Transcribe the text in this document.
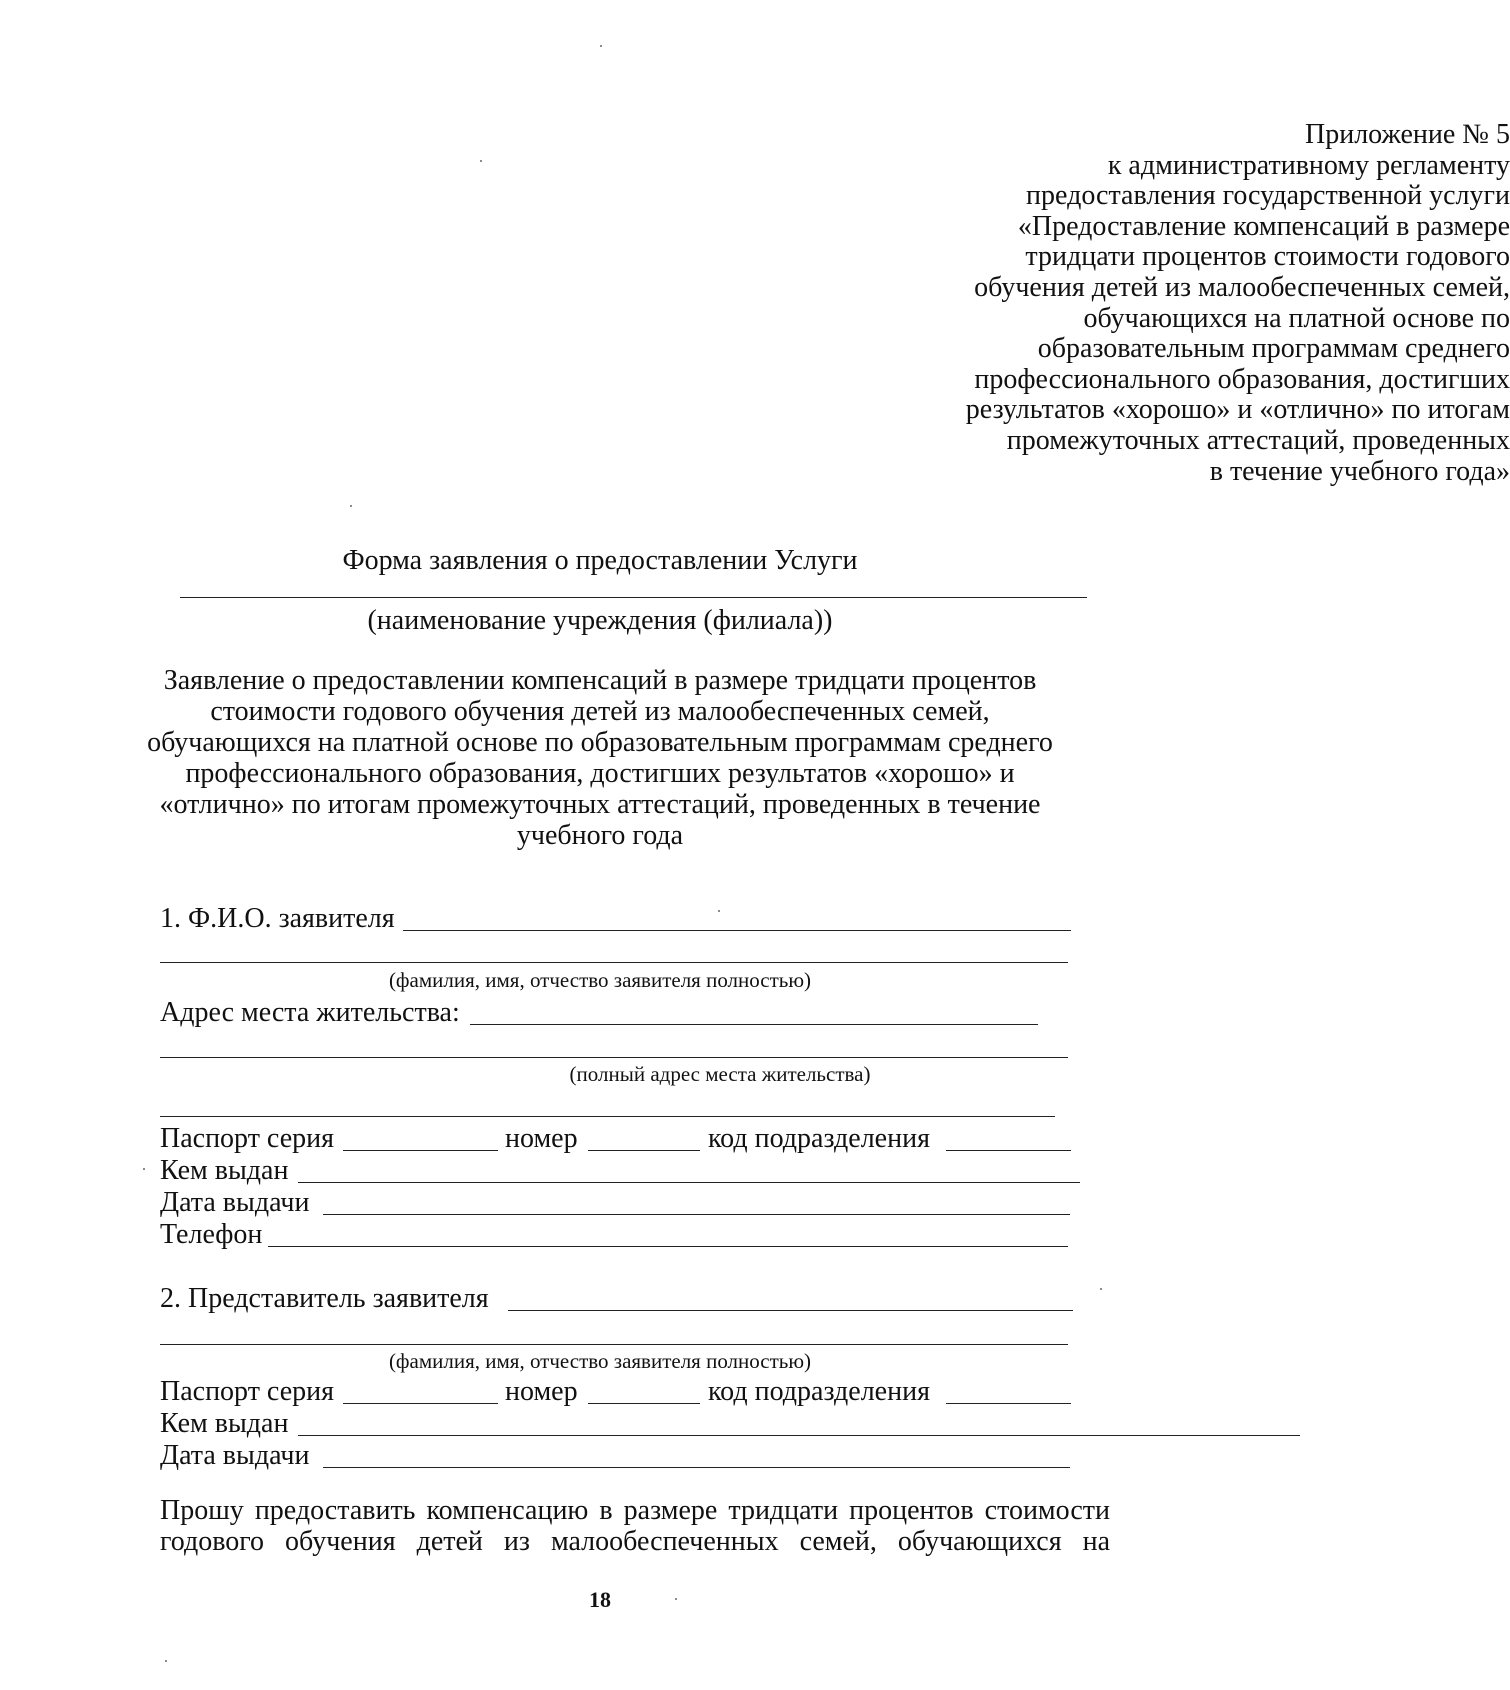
Приложение № 5
к административному регламенту
предоставления государственной услуги
«Предоставление компенсаций в размере
тридцати процентов стоимости годового
обучения детей из малообеспеченных семей,
обучающихся на платной основе по
образовательным программам среднего
профессионального образования, достигших
результатов «хорошо» и «отлично» по итогам
промежуточных аттестаций, проведенных
в течение учебного года»
Форма заявления о предоставлении Услуги
(наименование учреждения (филиала))
Заявление о предоставлении компенсаций в размере тридцати процентов
стоимости годового обучения детей из малообеспеченных семей,
обучающихся на платной основе по образовательным программам среднего
профессионального образования, достигших результатов «хорошо» и
«отлично» по итогам промежуточных аттестаций, проведенных в течение
учебного года
1. Ф.И.О. заявителя
(фамилия, имя, отчество заявителя полностью)
Адрес места жительства:
(полный адрес места жительства)
Паспорт серия	номер	код подразделения
Кем выдан
Дата выдачи
Телефон
2. Представитель заявителя
(фамилия, имя, отчество заявителя полностью)
Паспорт серия	номер	код подразделения
Кем выдан
Дата выдачи
Прошу предоставить компенсацию в размере тридцати процентов стоимости
годового обучения детей из малообеспеченных семей, обучающихся на
18
